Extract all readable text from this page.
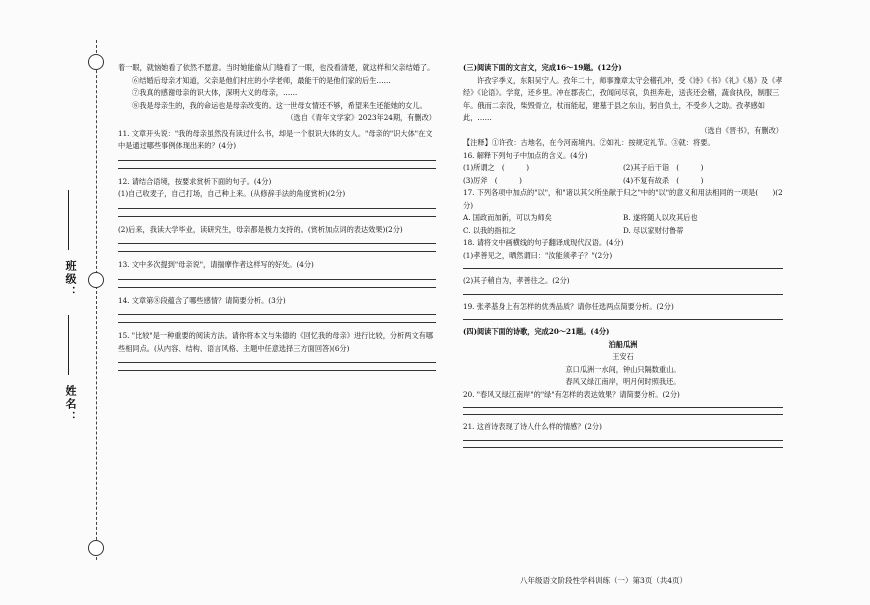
班级：
姓名：

着一眼，就恼她看了依然不愿意。当时她能偷从门缝看了一眼，也没看清楚，就这样和父亲结婚了。

⑥结婚后母亲才知道，父亲是他们村庄的小学老师，最能干的是他们家的后生……

⑦我真的感谢母亲的识大体，深明大义的母亲，……

⑧我是母亲生的，我的命运也是母亲改变的。这一世母女情还不够，希望来生还能她的女儿。

（选自《青年文学家》2023年24期，有删改）

11. 文章开头说："我的母亲虽然没有读过什么书，却是一个很识大体的女人。"母亲的"识大体"在文中是通过哪些事例体现出来的？(4分)

12. 请结合语境，按要求赏析下面的句子。(4分)

(1)自己收麦子，自己打场，自己种上来。(从修辞手法的角度赏析)(2分)

(2)后来，我读大学毕业，读研究生，母亲都是极力支持的。(赏析加点词的表达效果)(2分)

13. 文中多次提到"母亲说"，请揣摩作者这样写的好处。(4分)

14. 文章第⑧段蕴含了哪些感情？请简要分析。(3分)

15. "比较"是一种重要的阅读方法。请你将本文与朱德的《回忆我的母亲》进行比较，分析两文有哪些相同点。(从内容、结构、语言风格、主题中任意选择三方面回答)(6分)

(三)阅读下面的文言文，完成16～19题。(12分)

许孜字季义，东阳吴宁人。孜年二十，师事豫章太守会稽孔冲，受《诗》《书》《礼》《易》及《孝经》《论语》。学竟，还乡里。冲在郡丧亡，孜闻问尽哀，负担奔赴，送丧还会稽，蔬食执役，制服三年。俄而二亲没，柴毁骨立，杖而能起，建墓于县之东山，躬自负土，不受乡人之助。孜孝感如此，……

（选自《晋书》，有删改）

【注释】①许孜：古地名，在今河南境内。②如礼：按规定礼节。③就：将要。

16. 解释下列句子中加点的含义。(4分)

(1)所谓之　(　　　)	(2)其子后干诣　(　　　)
(3)厉斧　(　　　)	(4)不复有故杀　(　　　)

17. 下列各项中加点的"以"，和"诸以其父所坐献于归之"中的"以"的意义和用法相同的一项是(　　)(2分)

A. 国政而加新，可以为师矣	B. 遂将随人以攻其后也
C. 以我的指扣之	D. 尽以家财付鲁蒂

18. 请将文中画横线的句子翻译成现代汉语。(4分)

(1)孝善见之，晒然谓曰："汝能须孝子？"(2分)

(2)其子稍自为，孝善往之。(2分)

19. 张孝基身上有怎样的优秀品质？请你任选两点简要分析。(2分)

(四)阅读下面的诗歌，完成20～21题。(4分)

泊船瓜洲

王安石

京口瓜洲一水间，钟山只隔数重山。

春风又绿江南岸，明月何时照我还。

20. "春风又绿江南岸"的"绿"有怎样的表达效果？请简要分析。(2分)

21. 这首诗表现了诗人什么样的情感？(2分)

八年级语文阶段性学科训练（一）第3页（共4页）
